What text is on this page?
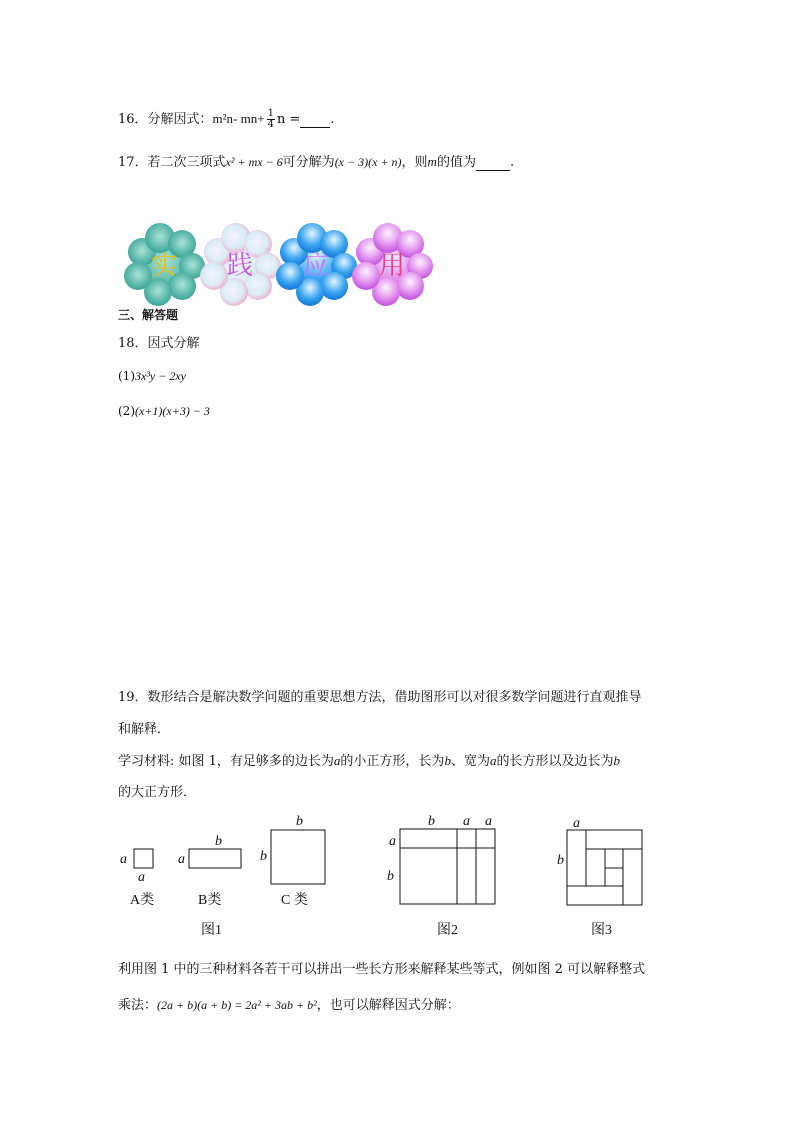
16．分解因式：m²n- $mn+ \frac{1}{4}$ n = .
17．若二次三项式x² + mx − 6可分解为(x − 3)(x + n)，则m的值为	.
实 践 应 用
三、解答题
18．因式分解
(1)3x³y − 2xy
(2)(x+1)(x+3) − 3
19．数形结合是解决数学问题的重要思想方法，借助图形可以对很多数学问题进行直观推导
和解释．
学习材料: 如图 1，有足够多的边长为a的小正方形，长为b、宽为a的长方形以及边长为b
的大正方形．
a
a
a
b
b
b	b a a
a
b
a
b
A类	B类	C 类
图1	图2	图3
利用图 1 中的三种材料各若干可以拼出一些长方形来解释某些等式，例如图 2 可以解释整式
乘法：(2a + b)(a + b) = 2a² + 3ab + b²，也可以解释因式分解：
